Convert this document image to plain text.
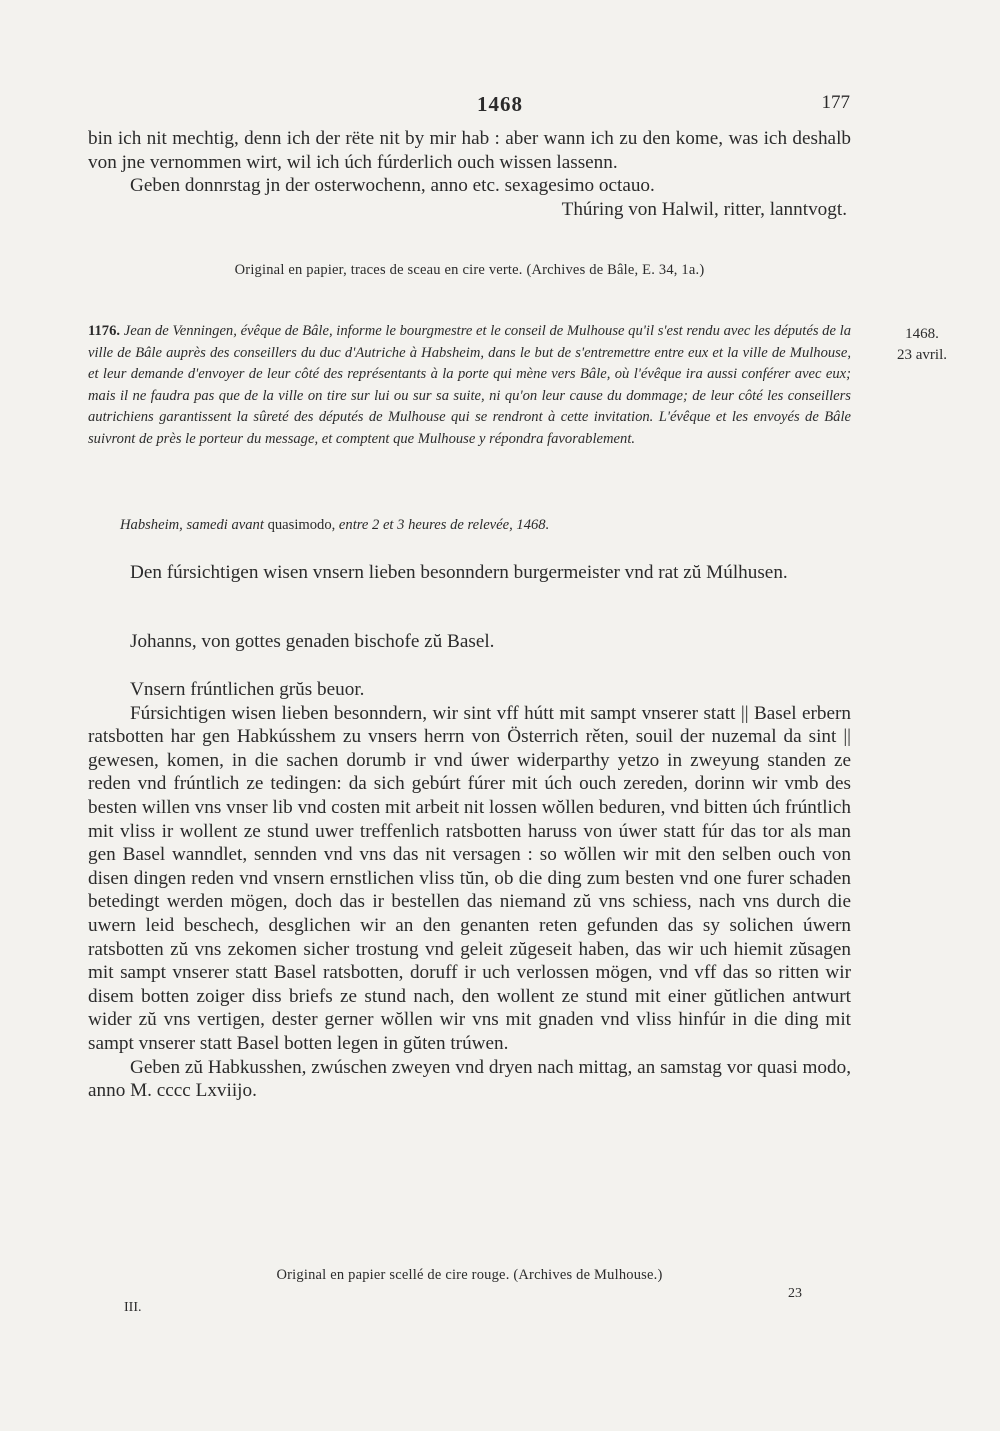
1468	177

bin ich nit mechtig, denn ich der rëte nit by mir hab : aber wann ich zu den kome, was ich deshalb von jne vernommen wirt, wil ich úch fúrderlich ouch wissen lassenn.

Geben donnrstag jn der osterwochenn, anno etc. sexagesimo octauo.

Thúring von Halwil, ritter, lanntvogt.

Original en papier, traces de sceau en cire verte. (Archives de Bâle, E. 34, 1a.)
1176. Jean de Venningen, évêque de Bâle, informe le bourgmestre et le conseil de Mulhouse qu'il s'est rendu avec les députés de la ville de Bâle auprès des conseillers du duc d'Autriche à Habsheim, dans le but de s'entremettre entre eux et la ville de Mulhouse, et leur demande d'envoyer de leur côté des représentants à la porte qui mène vers Bâle, où l'évêque ira aussi conférer avec eux; mais il ne faudra pas que de la ville on tire sur lui ou sur sa suite, ni qu'on leur cause du dommage; de leur côté les conseillers autrichiens garantissent la sûreté des députés de Mulhouse qui se rendront à cette invitation. L'évêque et les envoyés de Bâle suivront de près le porteur du message, et comptent que Mulhouse y répondra favorablement.
Habsheim, samedi avant quasimodo, entre 2 et 3 heures de relevée, 1468.
1468.
23 avril.

Den fúrsichtigen wisen vnsern lieben besonndern burgermeister vnd rat zŭ Múlhusen.

Johanns, von gottes genaden bischofe zŭ Basel.

Vnsern frúntlichen grŭs beuor.

Fúrsichtigen wisen lieben besonndern, wir sint vff hútt mit sampt vnserer statt || Basel erbern ratsbotten har gen Habkússhem zu vnsers herrn von Österrich rěten, souil der nuzemal da sint || gewesen, komen, in die sachen dorumb ir vnd úwer widerparthy yetzo in zweyung standen ze reden vnd frúntlich ze tedingen: da sich gebúrt fúrer mit úch ouch zereden, dorinn wir vmb des besten willen vns vnser lib vnd costen mit arbeit nit lossen wŏllen beduren, vnd bitten úch frúntlich mit vliss ir wollent ze stund uwer treffenlich ratsbotten haruss von úwer statt fúr das tor als man gen Basel wanndlet, sennden vnd vns das nit versagen : so wŏllen wir mit den selben ouch von disen dingen reden vnd vnsern ernstlichen vliss tŭn, ob die ding zum besten vnd one furer schaden betedingt werden mögen, doch das ir bestellen das niemand zŭ vns schiess, nach vns durch die uwern leid beschech, desglichen wir an den genanten reten gefunden das sy solichen úwern ratsbotten zŭ vns zekomen sicher trostung vnd geleit zŭgeseit haben, das wir uch hiemit zŭsagen mit sampt vnserer statt Basel ratsbotten, doruff ir uch verlossen mögen, vnd vff das so ritten wir disem botten zoiger diss briefs ze stund nach, den wollent ze stund mit einer gŭtlichen antwurt wider zŭ vns vertigen, dester gerner wŏllen wir vns mit gnaden vnd vliss hinfúr in die ding mit sampt vnserer statt Basel botten legen in gŭten trúwen.

Geben zŭ Habkusshen, zwúschen zweyen vnd dryen nach mittag, an samstag vor quasi modo, anno M. cccc Lxviijo.

Original en papier scellé de cire rouge. (Archives de Mulhouse.)
III.
23
